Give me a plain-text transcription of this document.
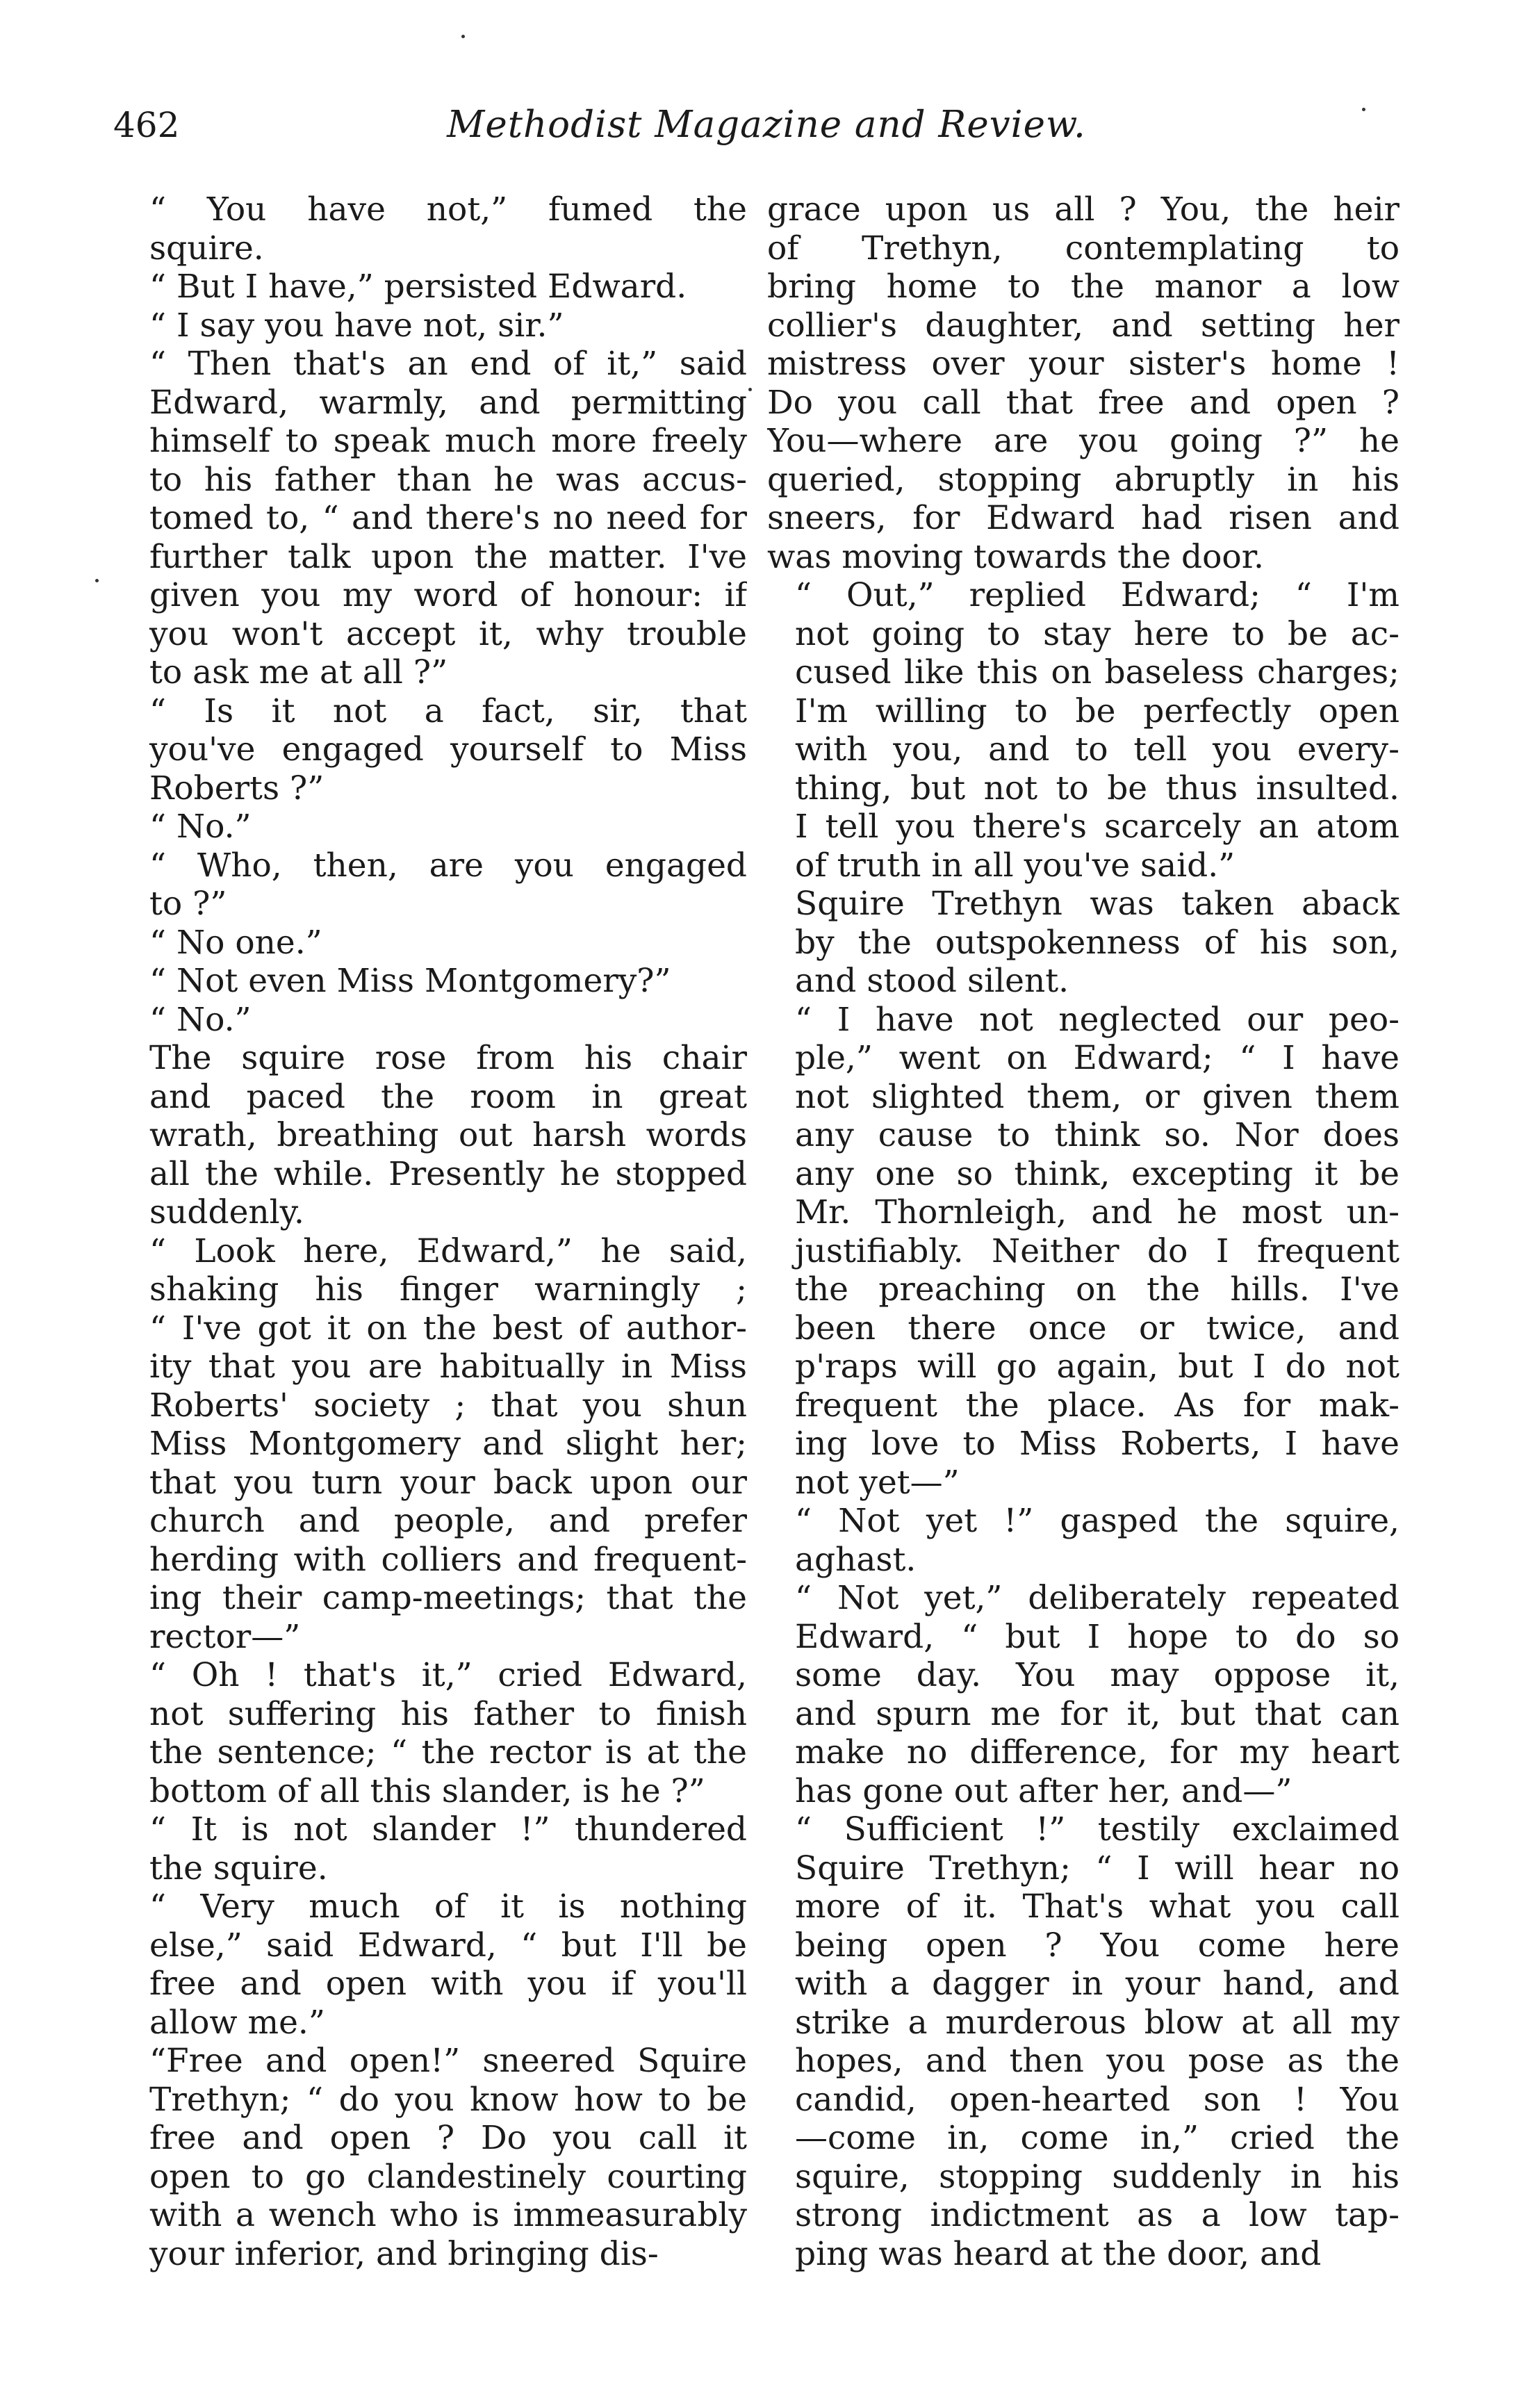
462	Methodist Magazine and Review.

“ You have not,” fumed the
squire.

“ But I have,” persisted Edward.

“ I say you have not, sir.”

“ Then that's an end of it,” said
Edward, warmly, and permitting
himself to speak much more freely
to his father than he was accus-
tomed to, “ and there's no need for
further talk upon the matter. I've
given you my word of honour: if
you won't accept it, why trouble
to ask me at all ?”

“ Is it not a fact, sir, that
you've engaged yourself to Miss
Roberts ?”

“ No.”

“ Who, then, are you engaged
to ?”

“ No one.”

“ Not even Miss Montgomery?”

“ No.”

The squire rose from his chair
and paced the room in great
wrath, breathing out harsh words
all the while. Presently he stopped
suddenly.

“ Look here, Edward,” he said,
shaking his finger warningly ;
“ I've got it on the best of author-
ity that you are habitually in Miss
Roberts' society ; that you shun
Miss Montgomery and slight her;
that you turn your back upon our
church and people, and prefer
herding with colliers and frequent-
ing their camp-meetings; that the
rector—”

“ Oh ! that's it,” cried Edward,
not suffering his father to finish
the sentence; “ the rector is at the
bottom of all this slander, is he ?”

“ It is not slander !” thundered
the squire.

“ Very much of it is nothing
else,” said Edward, “ but I'll be
free and open with you if you'll
allow me.”

“Free and open!” sneered Squire
Trethyn; “ do you know how to be
free and open ? Do you call it
open to go clandestinely courting
with a wench who is immeasurably
your inferior, and bringing dis-

grace upon us all ? You, the heir
of Trethyn, contemplating to
bring home to the manor a low
collier's daughter, and setting her
mistress over your sister's home !
Do you call that free and open ?
You—where are you going ?” he
queried, stopping abruptly in his
sneers, for Edward had risen and
was moving towards the door.

“ Out,” replied Edward; “ I'm
not going to stay here to be ac-
cused like this on baseless charges;
I'm willing to be perfectly open
with you, and to tell you every-
thing, but not to be thus insulted.
I tell you there's scarcely an atom
of truth in all you've said.”

Squire Trethyn was taken aback
by the outspokenness of his son,
and stood silent.

“ I have not neglected our peo-
ple,” went on Edward; “ I have
not slighted them, or given them
any cause to think so. Nor does
any one so think, excepting it be
Mr. Thornleigh, and he most un-
justifiably. Neither do I frequent
the preaching on the hills. I've
been there once or twice, and
p'raps will go again, but I do not
frequent the place. As for mak-
ing love to Miss Roberts, I have
not yet—”

“ Not yet !” gasped the squire,
aghast.

“ Not yet,” deliberately repeated
Edward, “ but I hope to do so
some day. You may oppose it,
and spurn me for it, but that can
make no difference, for my heart
has gone out after her, and—”

“ Sufficient !” testily exclaimed
Squire Trethyn; “ I will hear no
more of it. That's what you call
being open ? You come here
with a dagger in your hand, and
strike a murderous blow at all my
hopes, and then you pose as the
candid, open-hearted son ! You
—come in, come in,” cried the
squire, stopping suddenly in his
strong indictment as a low tap-
ping was heard at the door, and
